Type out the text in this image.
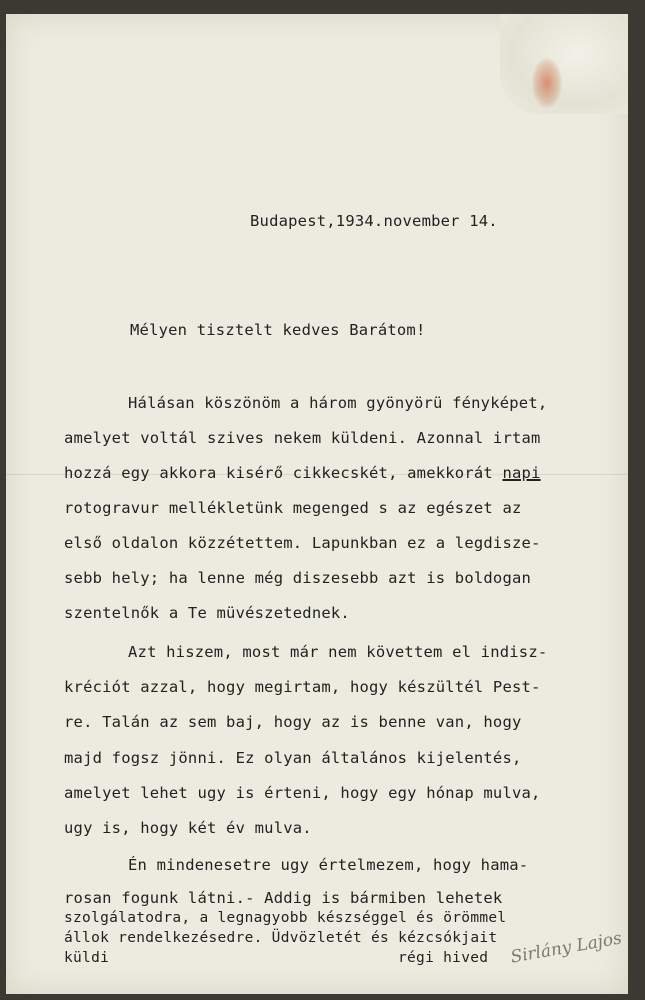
Budapest,1934.november 14.

Mélyen tisztelt kedves Barátom!

Hálásan köszönöm a három gyönyörü fényképet,

amelyet voltál szives nekem küldeni. Azonnal irtam

hozzá egy akkora kisérő cikkecskét, amekkorát napi

rotogravur mellékletünk megenged s az egészet az

első oldalon közzétettem. Lapunkban ez a legdisze-

sebb hely; ha lenne még diszesebb azt is boldogan

szentelnők a Te müvészetednek.

Azt hiszem, most már nem követtem el indisz-

kréciót azzal, hogy megirtam, hogy készültél Pest-

re. Talán az sem baj, hogy az is benne van, hogy

majd fogsz jönni. Ez olyan általános kijelentés,

amelyet lehet ugy is érteni, hogy egy hónap mulva,

ugy is, hogy két év mulva.

Én mindenesetre ugy értelmezem, hogy hama-

rosan fogunk látni.- Addig is bármiben lehetek

szolgálatodra, a legnagyobb készséggel és örömmel

állok rendelkezésedre. Üdvözletét és kézcsókjait

küldi	régi hived Sirlány Lajos
